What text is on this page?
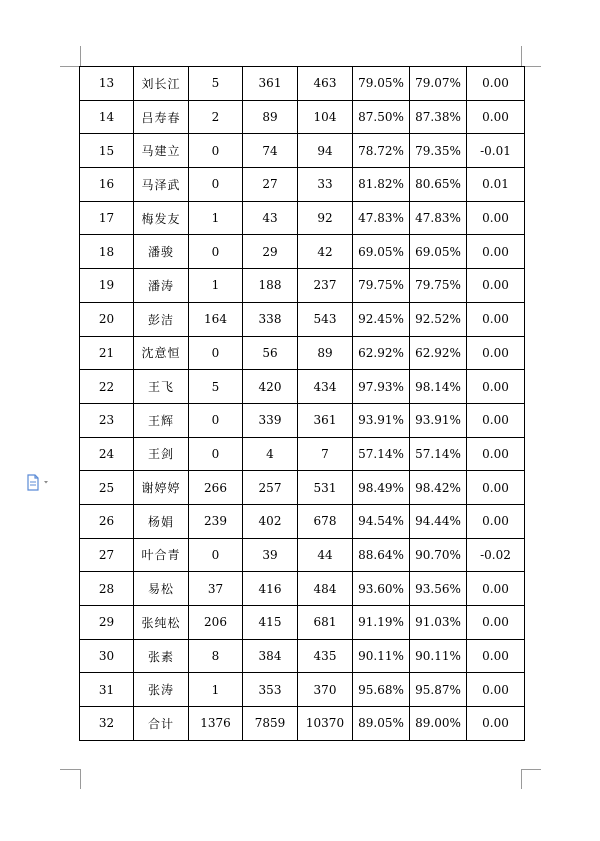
13	刘长江	5	361	463	79.05%	79.07%	0.00
14	吕寿春	2	89	104	87.50%	87.38%	0.00
15	马建立	0	74	94	78.72%	79.35%	-0.01
16	马泽武	0	27	33	81.82%	80.65%	0.01
17	梅发友	1	43	92	47.83%	47.83%	0.00
18	潘骏	0	29	42	69.05%	69.05%	0.00
19	潘涛	1	188	237	79.75%	79.75%	0.00
20	彭洁	164	338	543	92.45%	92.52%	0.00
21	沈意恒	0	56	89	62.92%	62.92%	0.00
22	王飞	5	420	434	97.93%	98.14%	0.00
23	王辉	0	339	361	93.91%	93.91%	0.00
24	王剑	0	4	7	57.14%	57.14%	0.00
25	谢婷婷	266	257	531	98.49%	98.42%	0.00
26	杨娟	239	402	678	94.54%	94.44%	0.00
27	叶合青	0	39	44	88.64%	90.70%	-0.02
28	易松	37	416	484	93.60%	93.56%	0.00
29	张纯松	206	415	681	91.19%	91.03%	0.00
30	张素	8	384	435	90.11%	90.11%	0.00
31	张涛	1	353	370	95.68%	95.87%	0.00
32	合计	1376	7859	10370	89.05%	89.00%	0.00
